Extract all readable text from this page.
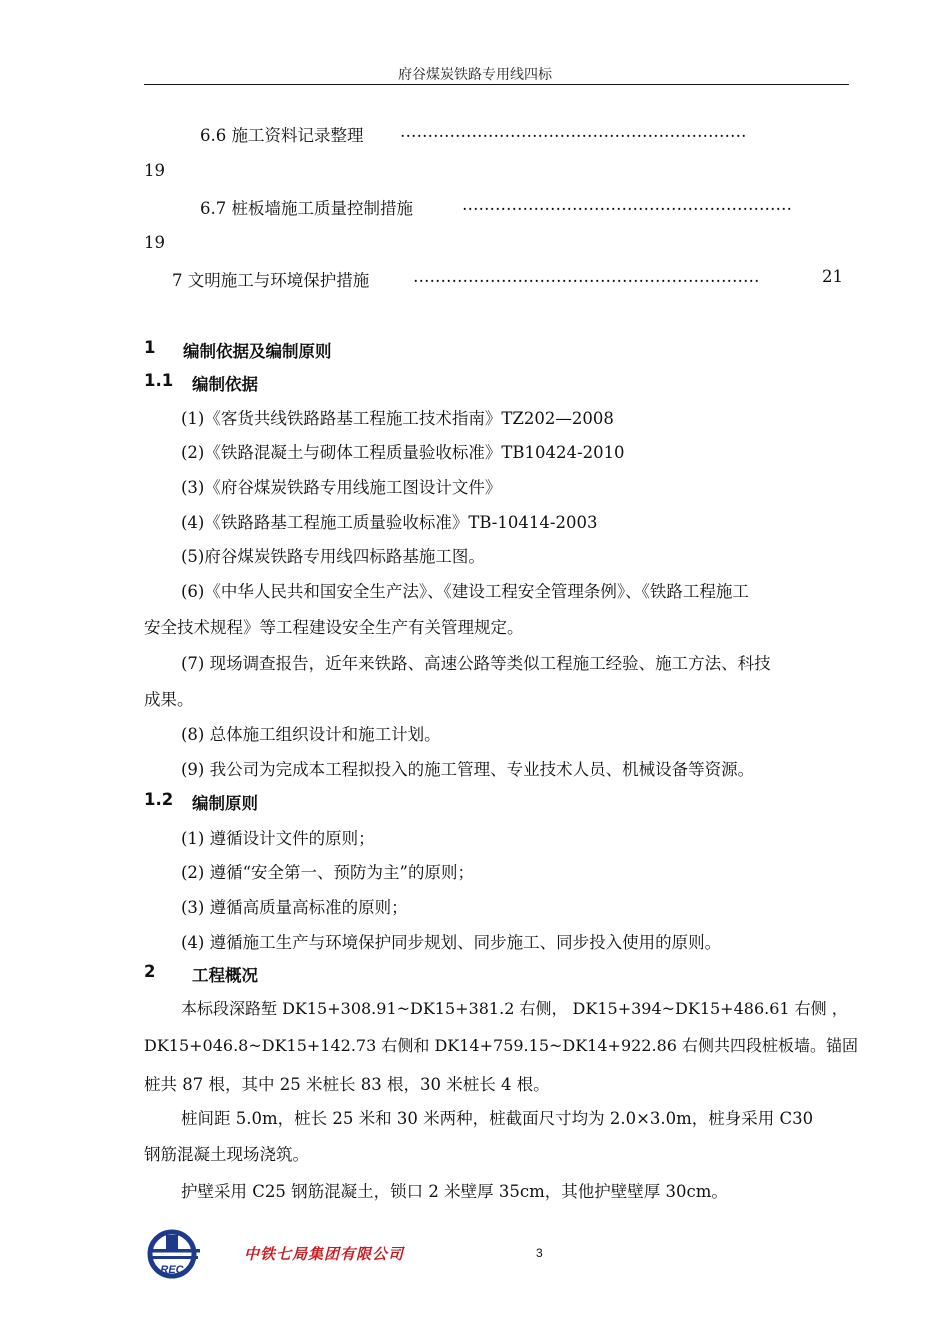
府谷煤炭铁路专用线四标
6.6 施工资料记录整理 ………………………………………………………
19
6.7 桩板墙施工质量控制措施	……………………………………………………
19
7 文明施工与环境保护措施	………………………………………………………	21
1 编制依据及编制原则
1.1 编制依据
(1)《客货共线铁路路基工程施工技术指南》TZ202—2008
(2)《铁路混凝土与砌体工程质量验收标准》TB10424-2010
(3)《府谷煤炭铁路专用线施工图设计文件》
(4)《铁路路基工程施工质量验收标准》TB-10414-2003
(5)府谷煤炭铁路专用线四标路基施工图。
(6)《中华人民共和国安全生产法》、《建设工程安全管理条例》、《铁路工程施工
安全技术规程》等工程建设安全生产有关管理规定。
(7) 现场调查报告，近年来铁路、高速公路等类似工程施工经验、施工方法、科技
成果。
(8) 总体施工组织设计和施工计划。
(9) 我公司为完成本工程拟投入的施工管理、专业技术人员、机械设备等资源。
1.2 编制原则
(1) 遵循设计文件的原则；
(2) 遵循“安全第一、预防为主”的原则；
(3) 遵循高质量高标准的原则；
(4) 遵循施工生产与环境保护同步规划、同步施工、同步投入使用的原则。
2 工程概况
本标段深路堑 DK15+308.91~DK15+381.2 右侧， DK15+394~DK15+486.61 右侧 ，
DK15+046.8~DK15+142.73 右侧和 DK14+759.15~DK14+922.86 右侧共四段桩板墙。锚固
桩共 87 根，其中 25 米桩长 83 根，30 米桩长 4 根。
桩间距 5.0m，桩长 25 米和 30 米两种，桩截面尺寸均为 2.0×3.0m，桩身采用 C30
钢筋混凝土现场浇筑。
护壁采用 C25 钢筋混凝土，锁口 2 米壁厚 35cm，其他护壁壁厚 30cm。
REC
中铁七局集团有限公司	3
